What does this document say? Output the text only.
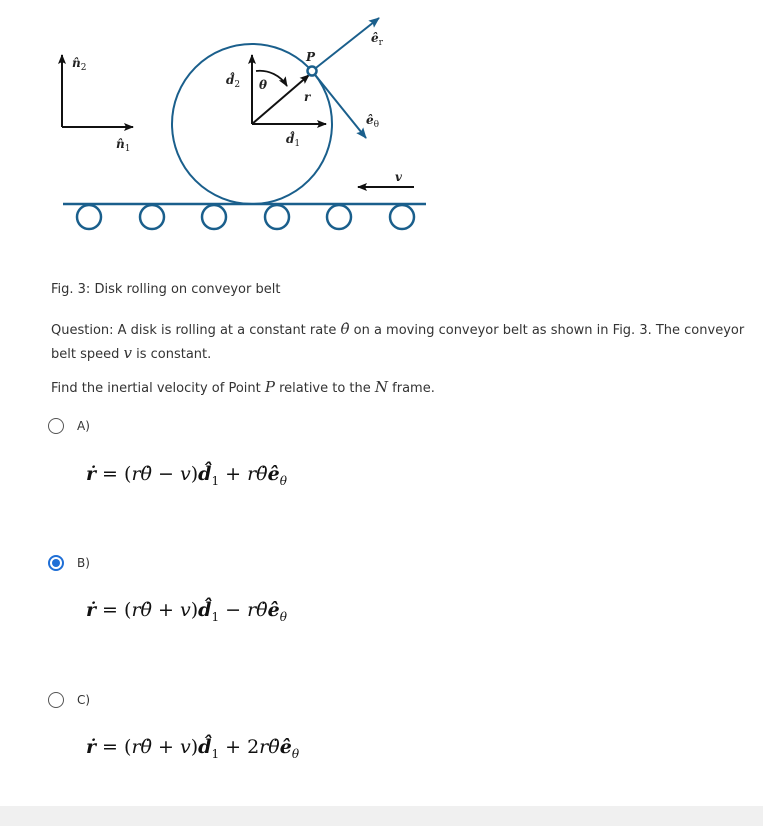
$n̂_2$
$n̂_1$
$d̂_2$
$d̂_1$
θ
r
P
$ê_r$
$ê_\theta$
v
Fig. 3: Disk rolling on conveyor belt
Question: A disk is rolling at a constant rate θ̇ on a moving conveyor belt as shown in Fig. 3. The conveyor belt speed v is constant.
Find the inertial velocity of Point P relative to the N frame.
A)
ṙ = (rθ̇ − $v)d̂_1$ + $r\thetȧê_\theta$
B)
ṙ = (rθ̇ + $v)d̂_1$ − $r\thetȧê_\theta$
C)
ṙ = (rθ̇ + $v)d̂_1$ + $2r\thetȧê_\theta$
